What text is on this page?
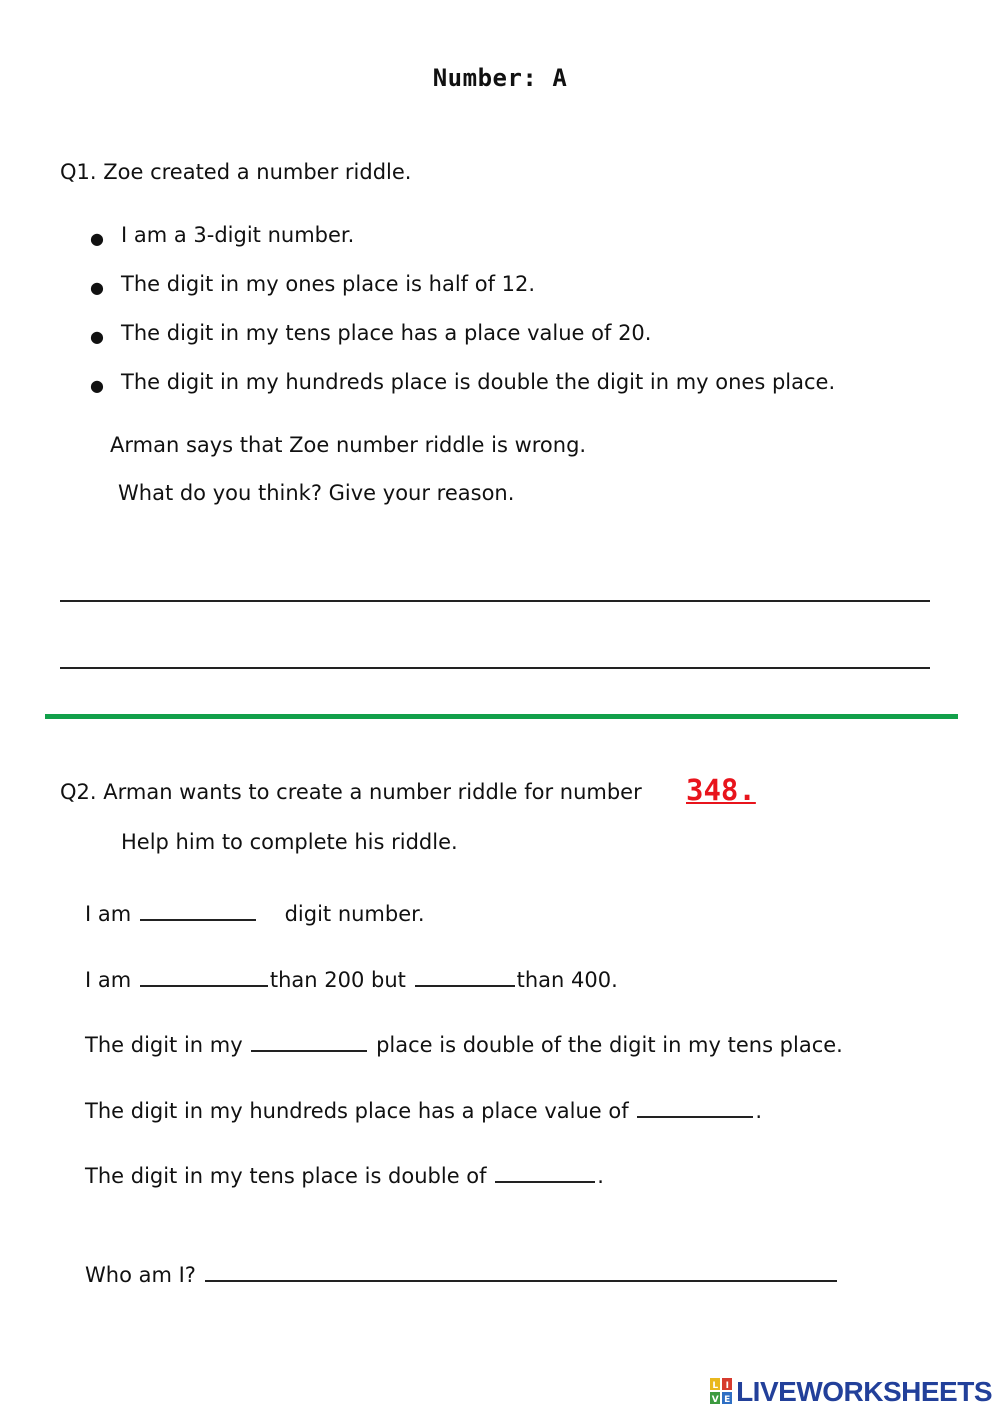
Number: A
Q1. Zoe created a number riddle.
● I am a 3-digit number.
● The digit in my ones place is half of 12.
● The digit in my tens place has a place value of 20.
● The digit in my hundreds place is double the digit in my ones place.
Arman says that Zoe number riddle is wrong.
What do you think? Give your reason.
Q2. Arman wants to create a number riddle for number 348.
Help him to complete his riddle.
I am	digit number.
I am	than 200 but	than 400.
The digit in my	place is double of the digit in my tens place.
The digit in my hundreds place has a place value of	.
The digit in my tens place is double of	.
Who am I?
L I
V E LIVEWORKSHEETS
